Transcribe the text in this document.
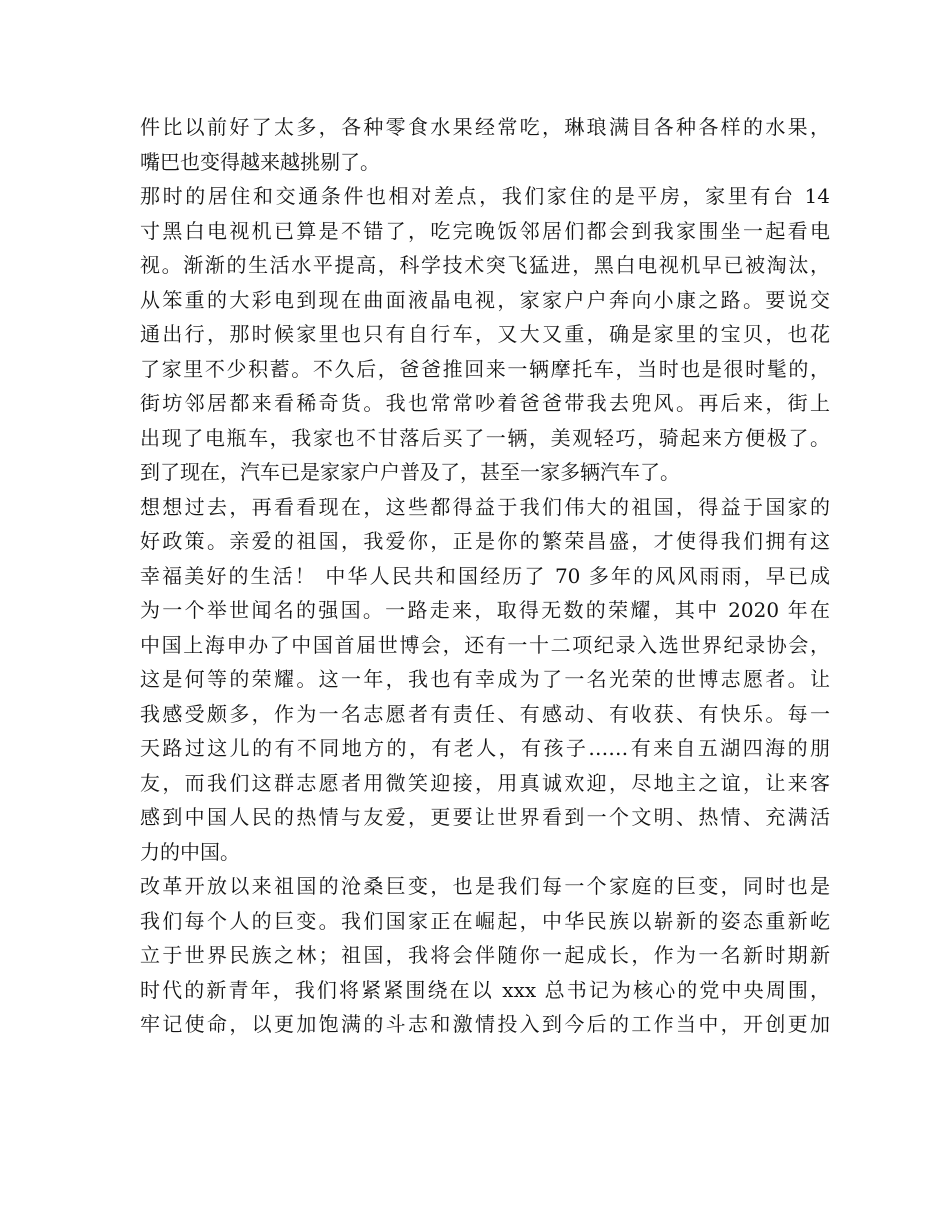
件比以前好了太多，各种零食水果经常吃，琳琅满目各种各样的水果，
嘴巴也变得越来越挑剔了。
那时的居住和交通条件也相对差点，我们家住的是平房，家里有台 14
寸黑白电视机已算是不错了，吃完晚饭邻居们都会到我家围坐一起看电
视。渐渐的生活水平提高，科学技术突飞猛进，黑白电视机早已被淘汰，
从笨重的大彩电到现在曲面液晶电视，家家户户奔向小康之路。要说交
通出行，那时候家里也只有自行车，又大又重，确是家里的宝贝，也花
了家里不少积蓄。不久后，爸爸推回来一辆摩托车，当时也是很时髦的，
街坊邻居都来看稀奇货。我也常常吵着爸爸带我去兜风。再后来，街上
出现了电瓶车，我家也不甘落后买了一辆，美观轻巧，骑起来方便极了。
到了现在，汽车已是家家户户普及了，甚至一家多辆汽车了。
想想过去，再看看现在，这些都得益于我们伟大的祖国，得益于国家的
好政策。亲爱的祖国，我爱你，正是你的繁荣昌盛，才使得我们拥有这
幸福美好的生活！ 中华人民共和国经历了 70 多年的风风雨雨，早已成
为一个举世闻名的强国。一路走来，取得无数的荣耀，其中 2020 年在
中国上海申办了中国首届世博会，还有一十二项纪录入选世界纪录协会，
这是何等的荣耀。这一年，我也有幸成为了一名光荣的世博志愿者。让
我感受颇多，作为一名志愿者有责任、有感动、有收获、有快乐。每一
天路过这儿的有不同地方的，有老人，有孩子……有来自五湖四海的朋
友，而我们这群志愿者用微笑迎接，用真诚欢迎，尽地主之谊，让来客
感到中国人民的热情与友爱，更要让世界看到一个文明、热情、充满活
力的中国。
改革开放以来祖国的沧桑巨变，也是我们每一个家庭的巨变，同时也是
我们每个人的巨变。我们国家正在崛起，中华民族以崭新的姿态重新屹
立于世界民族之林；祖国，我将会伴随你一起成长，作为一名新时期新
时代的新青年，我们将紧紧围绕在以 xxx 总书记为核心的党中央周围，
牢记使命，以更加饱满的斗志和激情投入到今后的工作当中，开创更加
